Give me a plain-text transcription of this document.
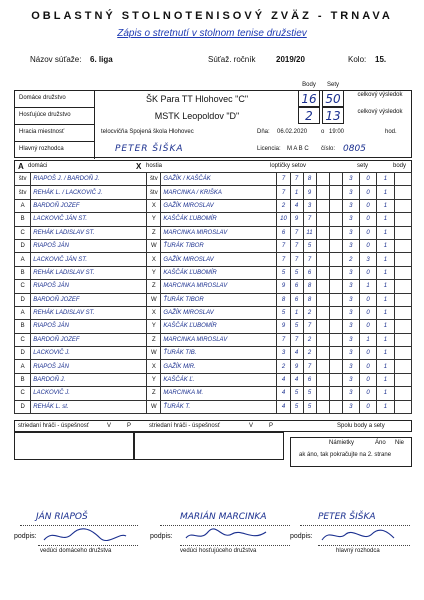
OBLASTNÝ STOLNOTENISOVÝ ZVÄZ - TRNAVA
Zápis o stretnutí v stolnom tenise družstiev
Názov súťaže: 6. liga	Súťaž. ročník	2019/20	Kolo: 15.
Domáce družstvo	ŠK Para TT Hlohovec "C"
Hosťujúce družstvo	MSTK Leopoldov "D"
Hracia miestnosť	telocvičňa Spojená škola Hlohovec	Dňa: 06.02.2020 o 19:00	hod.
Hlavný rozhodca	PETER ŠIŠKA	Licencia: M A B C číslo: 0805
Body	Sety
16 50
2	13
celkový výsledok
celkový výsledok
A domáci	X hostia	loptičky setov	sety	body
štv	RIAPOŠ J. / BARDOŇ J.	štv	GAŽÍK / KAŠČÁK	7	7	8			3	0	1	
štv	REHÁK L. / LACKOVIČ J.	štv	MARCINKA / KRIŠKA	7	1	9			3	0	1	
A	BARDOŇ JOZEF	X	GAŽÍK MIROSLAV	2	4	3			3	0	1	
B	LACKOVIČ JÁN ST.	Y	KAŠČÁK ĽUBOMÍR	10	9	7			3	0	1	
C	REHÁK LADISLAV ST.	Z	MARCINKA MIROSLAV	6	7	11			3	0	1	
D	RIAPOŠ JÁN	W	ŤURÁK TIBOR	7	7	5			3	0	1	
A	LACKOVIČ JÁN ST.	X	GAŽÍK MIROSLAV	7	7	7			2	3	1	
B	REHÁK LADISLAV ST.	Y	KAŠČÁK ĽUBOMÍR	5	5	6			3	0	1	
C	RIAPOŠ JÁN	Z	MARCINKA MIROSLAV	9	6	8			3	1	1	
D	BARDOŇ JOZEF	W	ŤURÁK TIBOR	8	6	8			3	0	1	
A	REHÁK LADISLAV ST.	X	GAŽÍK MIROSLAV	5	1	2			3	0	1	
B	RIAPOŠ JÁN	Y	KAŠČÁK ĽUBOMÍR	9	5	7			3	0	1	
C	BARDOŇ JOZEF	Z	MARCINKA MIROSLAV	7	7	2			3	1	1	
D	LACKOVIČ J.	W	ŤURÁK TIB.	3	4	2			3	0	1	
A	RIAPOŠ JÁN	X	GAŽÍK MIR.	2	9	7			3	0	1	
B	BARDOŇ J.	Y	KAŠČÁK Ľ.	4	4	6			3	0	1	
C	LACKOVIČ J.	Z	MARCINKA M.	4	5	5			3	0	1	
D	REHÁK L. st.	W	ŤURÁK T.	4	5	5			3	0	1	
striedaní hráči - úspešnosť	V	P	striedaní hráči - úspešnosť	V	P	Spolu body a sety
Námietky	Áno Nie
ak áno, tak pokračujte na 2. strane
JÁN RIAPOŠ	MARIÁN MARCINKA	PETER ŠIŠKA
podpis:	podpis:	podpis:
vedúci domáceho družstva	vedúci hosťujúceho družstva	hlavný rozhodca
